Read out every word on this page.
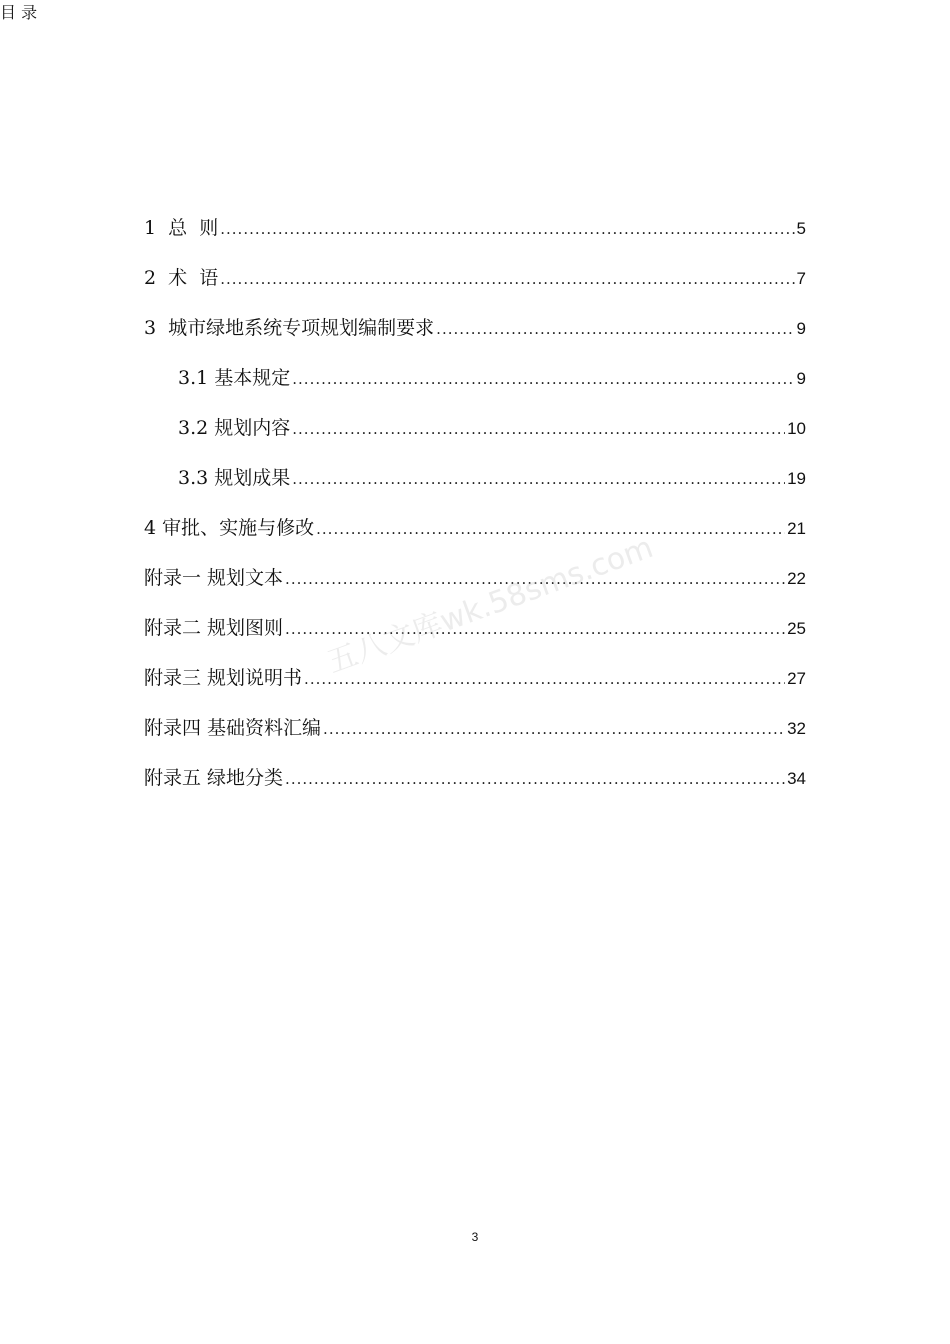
目 录
1  总  则 .....	5
2  术  语 .....	7
3  城市绿地系统专项规划编制要求 .....	9
3.1 基本规定 .....	9
3.2 规划内容 .....	10
3.3 规划成果 .....	19
4 审批、实施与修改 .....	21
附录一 规划文本 .....	22
附录二 规划图则 .....	25
附录三 规划说明书 .....	27
附录四 基础资料汇编 .....	32
附录五 绿地分类 .....	34
五八文库wk.58sms.com
3
